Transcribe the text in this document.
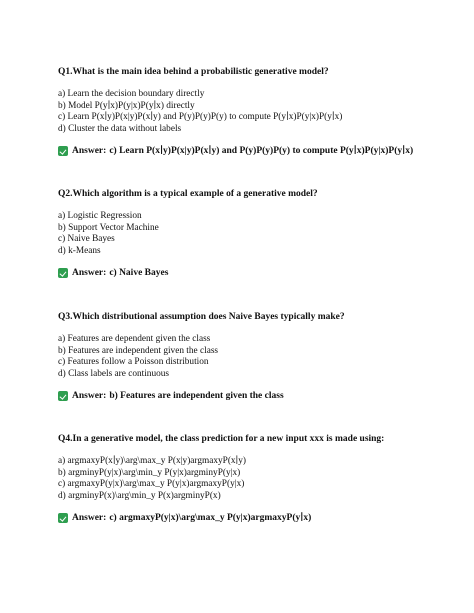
Q1.What is the main idea behind a probabilistic generative model?

a) Learn the decision boundary directly
b) Model P(y∣x)P(y|x)P(y∣x) directly
c) Learn P(x∣y)P(x|y)P(x∣y) and P(y)P(y)P(y) to compute P(y∣x)P(y|x)P(y∣x)
d) Cluster the data without labels
Answer: c) Learn P(x∣y)P(x|y)P(x∣y) and P(y)P(y)P(y) to compute P(y∣x)P(y|x)P(y∣x)

Q2.Which algorithm is a typical example of a generative model?

a) Logistic Regression
b) Support Vector Machine
c) Naive Bayes
d) k-Means
Answer: c) Naive Bayes

Q3.Which distributional assumption does Naive Bayes typically make?

a) Features are dependent given the class
b) Features are independent given the class
c) Features follow a Poisson distribution
d) Class labels are continuous
Answer: b) Features are independent given the class

Q4.In a generative model, the class prediction for a new input xxx is made using:

a) argmaxyP(x∣y)\arg\max_y P(x|y)argmaxyP(x∣y)
b) argminyP(y|x)\arg\min_y P(y|x)argminyP(y|x)
c) argmaxyP(y|x)\arg\max_y P(y|x)argmaxyP(y|x)
d) argminyP(x)\arg\min_y P(x)argminyP(x)
Answer: c) argmaxyP(y|x)\arg\max_y P(y|x)argmaxyP(y∣x)
